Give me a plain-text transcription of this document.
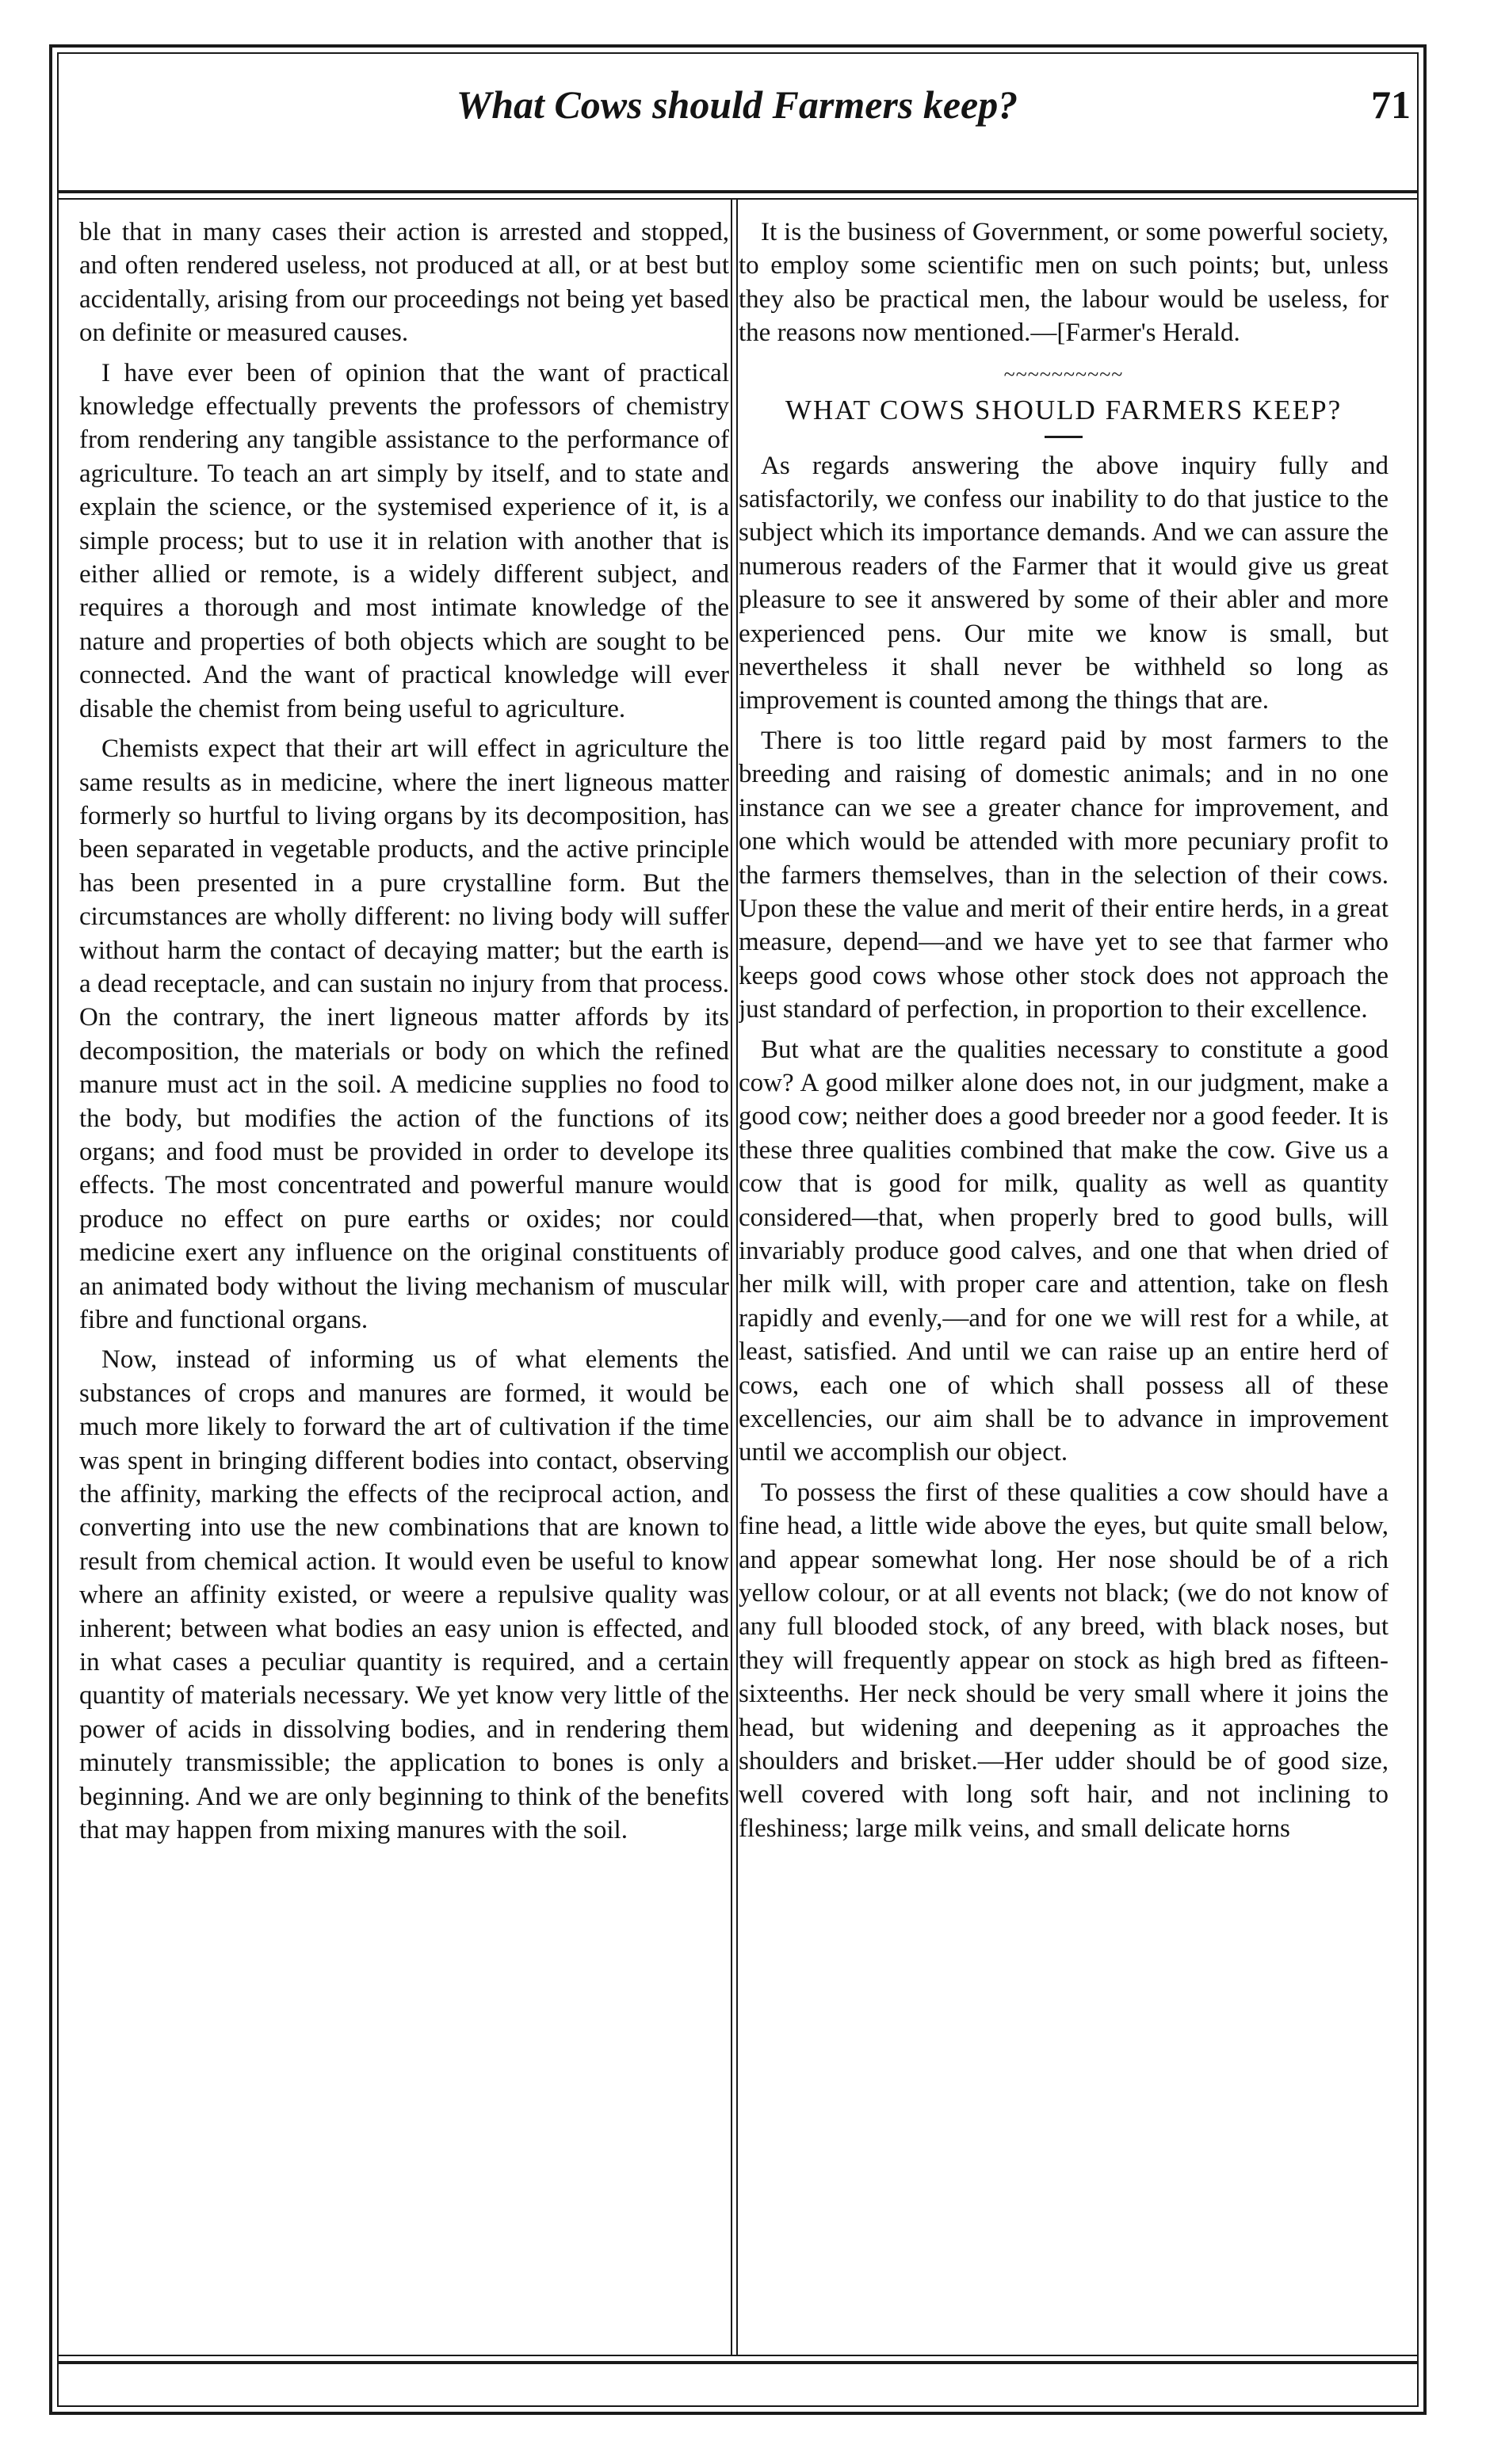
What Cows should Farmers keep?	71

ble that in many cases their action is arrested and stopped, and often rendered useless, not produced at all, or at best but accidentally, arising from our proceedings not being yet based on definite or measured causes.

I have ever been of opinion that the want of practical knowledge effectually prevents the professors of chemistry from rendering any tangible assistance to the performance of agriculture. To teach an art simply by itself, and to state and explain the science, or the systemised experience of it, is a simple process; but to use it in relation with another that is either allied or remote, is a widely different subject, and requires a thorough and most intimate knowledge of the nature and properties of both objects which are sought to be connected. And the want of practical knowledge will ever disable the chemist from being useful to agriculture.

Chemists expect that their art will effect in agriculture the same results as in medicine, where the inert ligneous matter formerly so hurtful to living organs by its decomposition, has been separated in vegetable products, and the active principle has been presented in a pure crystalline form. But the circumstances are wholly different: no living body will suffer without harm the contact of decaying matter; but the earth is a dead receptacle, and can sustain no injury from that process. On the contrary, the inert ligneous matter affords by its decomposition, the materials or body on which the refined manure must act in the soil. A medicine supplies no food to the body, but modifies the action of the functions of its organs; and food must be provided in order to develope its effects. The most concentrated and powerful manure would produce no effect on pure earths or oxides; nor could medicine exert any influence on the original constituents of an animated body without the living mechanism of muscular fibre and functional organs.

Now, instead of informing us of what elements the substances of crops and manures are formed, it would be much more likely to forward the art of cultivation if the time was spent in bringing different bodies into contact, observing the affinity, marking the effects of the reciprocal action, and converting into use the new combinations that are known to result from chemical action. It would even be useful to know where an affinity existed, or weere a repulsive quality was inherent; between what bodies an easy union is effected, and in what cases a peculiar quantity is required, and a certain quantity of materials necessary. We yet know very little of the power of acids in dissolving bodies, and in rendering them minutely transmissible; the application to bones is only a beginning. And we are only beginning to think of the benefits that may happen from mixing manures with the soil.

It is the business of Government, or some powerful society, to employ some scientific men on such points; but, unless they also be practical men, the labour would be useless, for the reasons now mentioned.—[Farmer's Herald.

~~~~~~~~~~
WHAT COWS SHOULD FARMERS KEEP?

As regards answering the above inquiry fully and satisfactorily, we confess our inability to do that justice to the subject which its importance demands. And we can assure the numerous readers of the Farmer that it would give us great pleasure to see it answered by some of their abler and more experienced pens. Our mite we know is small, but nevertheless it shall never be withheld so long as improvement is counted among the things that are.

There is too little regard paid by most farmers to the breeding and raising of domestic animals; and in no one instance can we see a greater chance for improvement, and one which would be attended with more pecuniary profit to the farmers themselves, than in the selection of their cows. Upon these the value and merit of their entire herds, in a great measure, depend—and we have yet to see that farmer who keeps good cows whose other stock does not approach the just standard of perfection, in proportion to their excellence.

But what are the qualities necessary to constitute a good cow? A good milker alone does not, in our judgment, make a good cow; neither does a good breeder nor a good feeder. It is these three qualities combined that make the cow. Give us a cow that is good for milk, quality as well as quantity considered—that, when properly bred to good bulls, will invariably produce good calves, and one that when dried of her milk will, with proper care and attention, take on flesh rapidly and evenly,—and for one we will rest for a while, at least, satisfied. And until we can raise up an entire herd of cows, each one of which shall possess all of these excellencies, our aim shall be to advance in improvement until we accomplish our object.

To possess the first of these qualities a cow should have a fine head, a little wide above the eyes, but quite small below, and appear somewhat long. Her nose should be of a rich yellow colour, or at all events not black; (we do not know of any full blooded stock, of any breed, with black noses, but they will frequently appear on stock as high bred as fifteen-sixteenths. Her neck should be very small where it joins the head, but widening and deepening as it approaches the shoulders and brisket.—Her udder should be of good size, well covered with long soft hair, and not inclining to fleshiness; large milk veins, and small delicate horns
